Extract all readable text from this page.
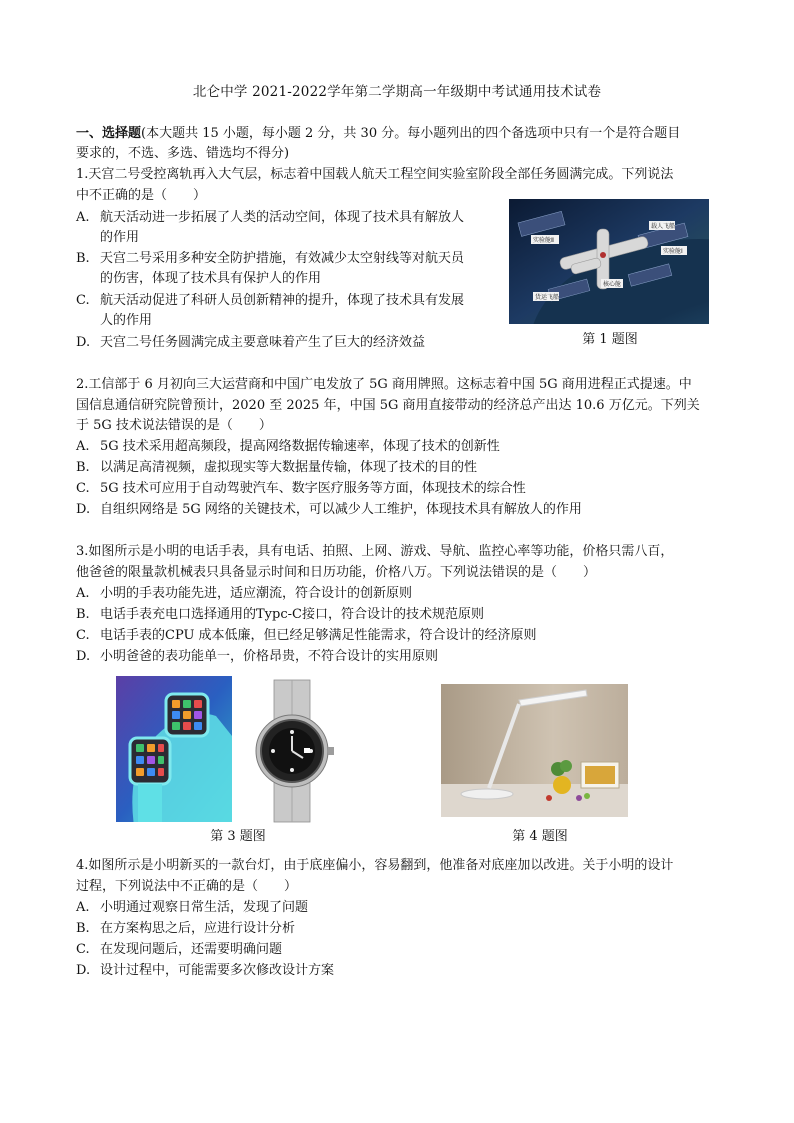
北仑中学 2021-2022学年第二学期高一年级期中考试通用技术试卷
一、选择题(本大题共 15 小题，每小题 2 分，共 30 分。每小题列出的四个备选项中只有一个是符合题目
要求的，不选、多选、错选均不得分)
1.天宫二号受控离轨再入大气层，标志着中国载人航天工程空间实验室阶段全部任务圆满完成。下列说法
中不正确的是（　　）
A. 航天活动进一步拓展了人类的活动空间，体现了技术具有解放人
的作用
B. 天宫二号采用多种安全防护措施，有效减少太空射线等对航天员
的伤害，体现了技术具有保护人的作用
C. 航天活动促进了科研人员创新精神的提升，体现了技术具有发展
人的作用
D. 天宫二号任务圆满完成主要意味着产生了巨大的经济效益
实验舱Ⅱ
载人飞船
实验舱Ⅰ
核心舱
货运飞船
第 1 题图
2.工信部于 6 月初向三大运营商和中国广电发放了 5G 商用牌照。这标志着中国 5G 商用进程正式提速。中
国信息通信研究院曾预计，2020 至 2025 年，中国 5G 商用直接带动的经济总产出达 10.6 万亿元。下列关
于 5G 技术说法错误的是（　　）
A. 5G 技术采用超高频段，提高网络数据传输速率，体现了技术的创新性
B. 以满足高清视频，虚拟现实等大数据量传输，体现了技术的目的性
C. 5G 技术可应用于自动驾驶汽车、数字医疗服务等方面，体现技术的综合性
D. 自组织网络是 5G 网络的关键技术，可以减少人工维护，体现技术具有解放人的作用
3.如图所示是小明的电话手表，具有电话、拍照、上网、游戏、导航、监控心率等功能，价格只需八百，
他爸爸的限量款机械表只具备显示时间和日历功能，价格八万。下列说法错误的是（　　）
A. 小明的手表功能先进，适应潮流，符合设计的创新原则
B. 电话手表充电口选择通用的Typc-C接口，符合设计的技术规范原则
C. 电话手表的CPU 成本低廉，但已经足够满足性能需求，符合设计的经济原则
D. 小明爸爸的表功能单一，价格昂贵，不符合设计的实用原则
第 3 题图	第 4 题图
4.如图所示是小明新买的一款台灯，由于底座偏小，容易翻到，他准备对底座加以改进。关于小明的设计
过程，下列说法中不正确的是（　　）
A. 小明通过观察日常生活，发现了问题
B. 在方案构思之后，应进行设计分析
C. 在发现问题后，还需要明确问题
D. 设计过程中，可能需要多次修改设计方案
